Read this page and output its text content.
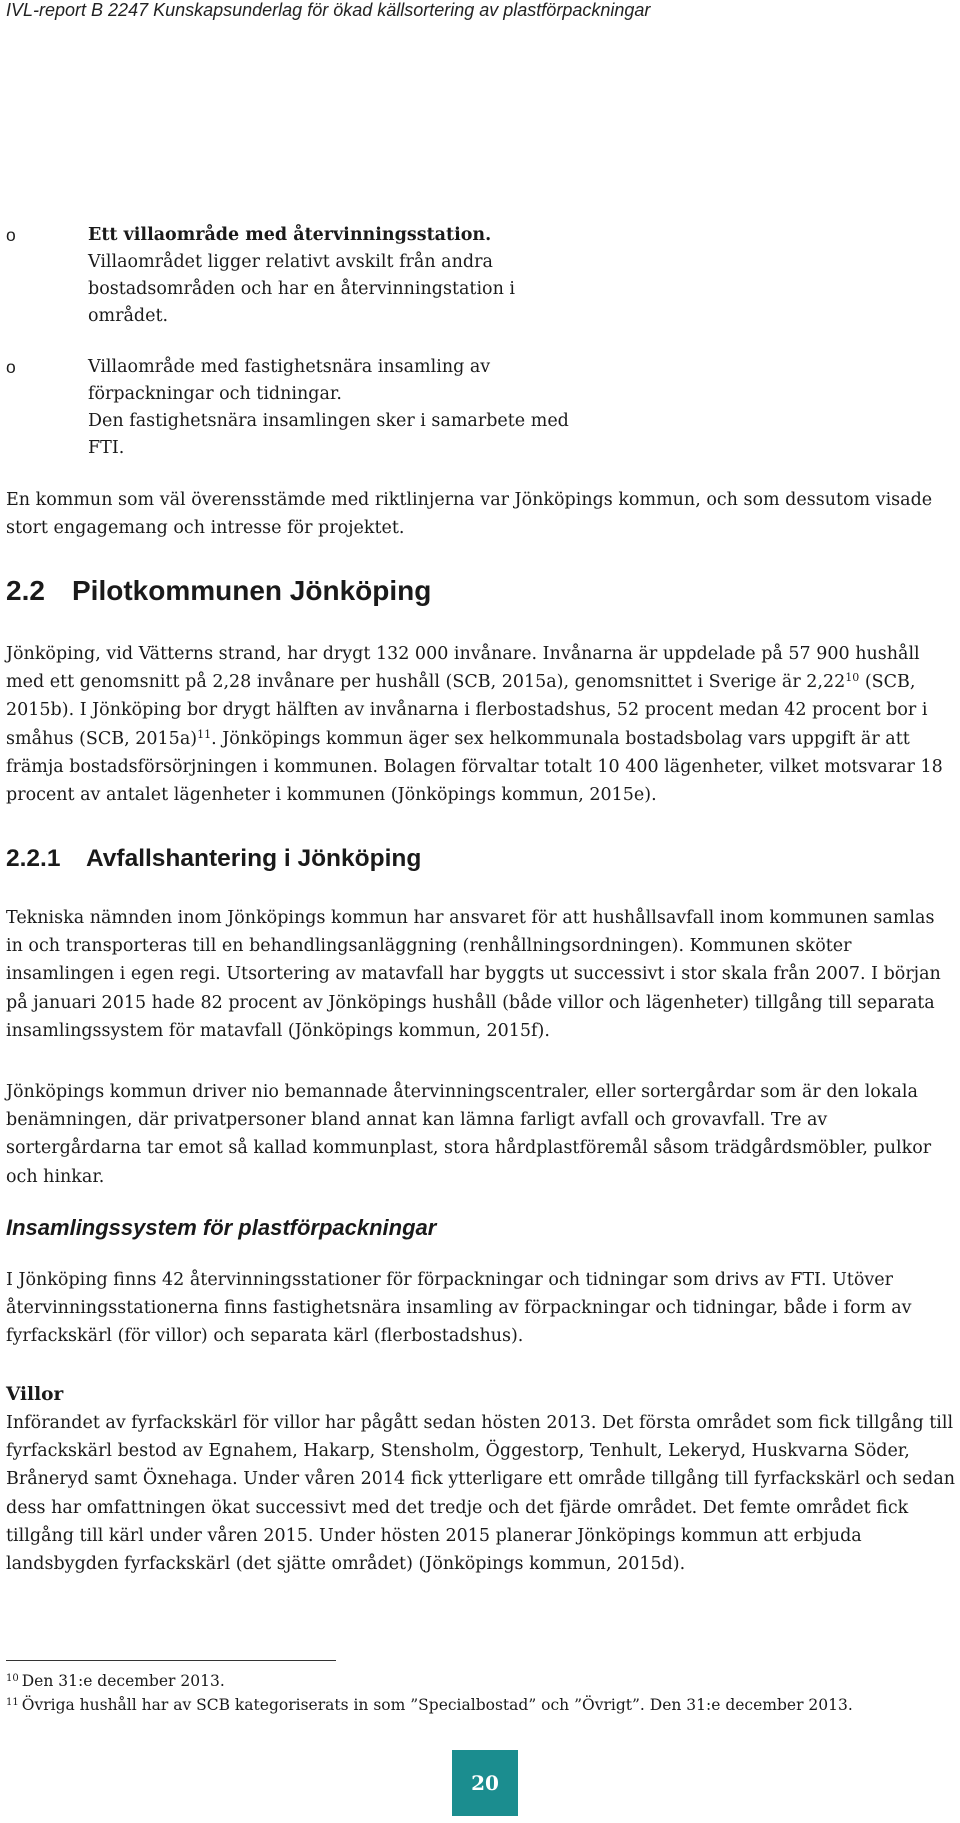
IVL-report B 2247 Kunskapsunderlag för ökad källsortering av plastförpackningar
o	Ett villaområde med återvinningsstation.

Villaområdet ligger relativt avskilt från andra

bostadsområden och har en återvinningstation i

området.

o	Villaområde med fastighetsnära insamling av

förpackningar och tidningar.

Den fastighetsnära insamlingen sker i samarbete med

FTI.

En kommun som väl överensstämde med riktlinjerna var Jönköpings kommun, och som dessutom visade stort engagemang och intresse för projektet.

2.2 Pilotkommunen Jönköping

Jönköping, vid Vätterns strand, har drygt 132 000 invånare. Invånarna är uppdelade på 57 900 hushåll med ett genomsnitt på 2,28 invånare per hushåll (SCB, 2015a), genomsnittet i Sverige är 2,22$^{10}$ (SCB, 2015b). I Jönköping bor drygt hälften av invånarna i flerbostadshus, 52 procent medan 42 procent bor i småhus (SCB, 2015a)$^{11}$. Jönköpings kommun äger sex helkommunala bostadsbolag vars uppgift är att främja bostadsförsörjningen i kommunen. Bolagen förvaltar totalt 10 400 lägenheter, vilket motsvarar 18 procent av antalet lägenheter i kommunen (Jönköpings kommun, 2015e).

2.2.1 Avfallshantering i Jönköping

Tekniska nämnden inom Jönköpings kommun har ansvaret för att hushållsavfall inom kommunen samlas in och transporteras till en behandlingsanläggning (renhållningsordningen). Kommunen sköter insamlingen i egen regi. Utsortering av matavfall har byggts ut successivt i stor skala från 2007. I början på januari 2015 hade 82 procent av Jönköpings hushåll (både villor och lägenheter) tillgång till separata insamlingssystem för matavfall (Jönköpings kommun, 2015f).

Jönköpings kommun driver nio bemannade återvinningscentraler, eller sortergårdar som är den lokala benämningen, där privatpersoner bland annat kan lämna farligt avfall och grovavfall. Tre av sortergårdarna tar emot så kallad kommunplast, stora hårdplastföremål såsom trädgårdsmöbler, pulkor och hinkar.

Insamlingssystem för plastförpackningar

I Jönköping finns 42 återvinningsstationer för förpackningar och tidningar som drivs av FTI. Utöver återvinningsstationerna finns fastighetsnära insamling av förpackningar och tidningar, både i form av fyrfackskärl (för villor) och separata kärl (flerbostadshus).

Villor

Införandet av fyrfackskärl för villor har pågått sedan hösten 2013. Det första området som fick tillgång till fyrfackskärl bestod av Egnahem, Hakarp, Stensholm, Öggestorp, Tenhult, Lekeryd, Huskvarna Söder, Bråneryd samt Öxnehaga. Under våren 2014 fick ytterligare ett område tillgång till fyrfackskärl och sedan dess har omfattningen ökat successivt med det tredje och det fjärde området. Det femte området fick tillgång till kärl under våren 2015. Under hösten 2015 planerar Jönköpings kommun att erbjuda landsbygden fyrfackskärl (det sjätte området) (Jönköpings kommun, 2015d).

$^{10}$ Den 31:e december 2013.

$^{11}$ Övriga hushåll har av SCB kategoriserats in som ”Specialbostad” och ”Övrigt”. Den 31:e december 2013.

20
